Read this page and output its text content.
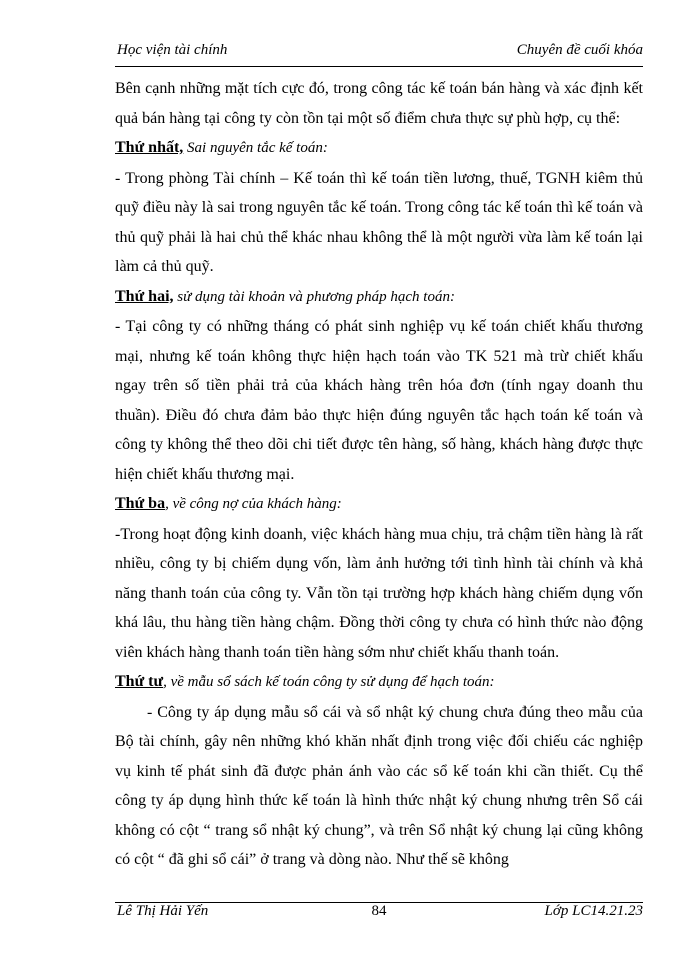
Học viện tài chính	Chuyên đề cuối khóa

Bên cạnh những mặt tích cực đó, trong công tác kế toán bán hàng và xác định kết quả bán hàng tại công ty còn tồn tại một số điểm chưa thực sự phù hợp, cụ thể:

Thứ nhất, Sai nguyên tắc kế toán:

- Trong phòng Tài chính – Kế toán thì kế toán tiền lương, thuế, TGNH kiêm thủ quỹ điều này là sai trong nguyên tắc kế toán. Trong công tác kế toán thì kế toán và thủ quỹ phải là hai chủ thể khác nhau không thể là một người vừa làm kế toán lại làm cả thủ quỹ.

Thứ hai, sử dụng tài khoản và phương pháp hạch toán:

- Tại công ty có những tháng có phát sinh nghiệp vụ kế toán chiết khấu thương mại, nhưng kế toán không thực hiện hạch toán vào TK 521 mà trừ chiết khấu ngay trên số tiền phải trả của khách hàng trên hóa đơn (tính ngay doanh thu thuần). Điều đó chưa đảm bảo thực hiện đúng nguyên tắc hạch toán kế toán và công ty không thể theo dõi chi tiết được tên hàng, số hàng, khách hàng được thực hiện chiết khấu thương mại.

Thứ ba, về công nợ của khách hàng:

-Trong hoạt động kinh doanh, việc khách hàng mua chịu, trả chậm tiền hàng là rất nhiều, công ty bị chiếm dụng vốn, làm ảnh hưởng tới tình hình tài chính và khả năng thanh toán của công ty. Vẫn tồn tại trường hợp khách hàng chiếm dụng vốn khá lâu, thu hàng tiền hàng chậm. Đồng thời công ty chưa có hình thức nào động viên khách hàng thanh toán tiền hàng sớm như chiết khấu thanh toán.

Thứ tư, về mẫu sổ sách kế toán công ty sử dụng để hạch toán:

- Công ty áp dụng mẫu sổ cái và sổ nhật ký chung chưa đúng theo mẫu của Bộ tài chính, gây nên những khó khăn nhất định trong việc đối chiếu các nghiệp vụ kinh tế phát sinh đã được phản ánh vào các sổ kế toán khi cần thiết. Cụ thể công ty áp dụng hình thức kế toán là hình thức nhật ký chung nhưng trên Sổ cái không có cột “ trang sổ nhật ký chung”, và trên Sổ nhật ký chung lại cũng không có cột “ đã ghi sổ cái” ở trang và dòng nào. Như thế sẽ không

Lê Thị Hải Yến	84	Lớp LC14.21.23
